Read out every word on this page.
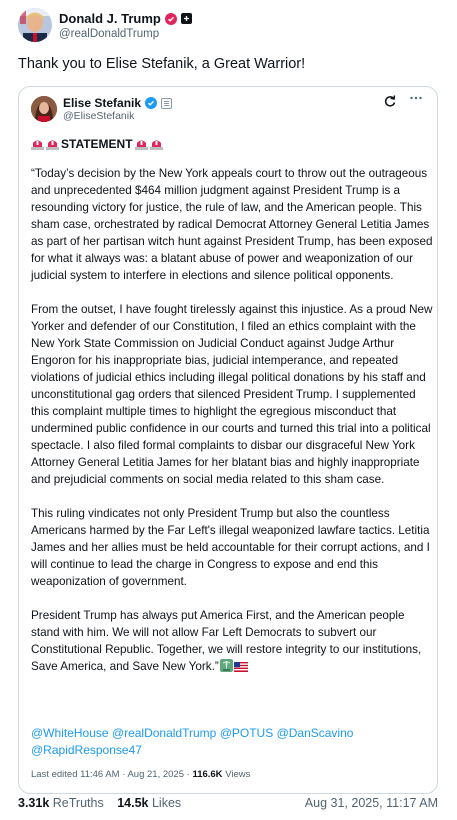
Donald J. Trump
@realDonaldTrump
Thank you to Elise Stefanik, a Great Warrior!
Elise Stefanik
@EliseStefanik
STATEMENT

“Today’s decision by the New York appeals court to throw out the outrageous and unprecedented $464 million judgment against President Trump is a resounding victory for justice, the rule of law, and the American people. This sham case, orchestrated by radical Democrat Attorney General Letitia James as part of her partisan witch hunt against President Trump, has been exposed for what it always was: a blatant abuse of power and weaponization of our judicial system to interfere in elections and silence political opponents.

From the outset, I have fought tirelessly against this injustice. As a proud New Yorker and defender of our Constitution, I filed an ethics complaint with the New York State Commission on Judicial Conduct against Judge Arthur Engoron for his inappropriate bias, judicial intemperance, and repeated violations of judicial ethics including illegal political donations by his staff and unconstitutional gag orders that silenced President Trump. I supplemented this complaint multiple times to highlight the egregious misconduct that undermined public confidence in our courts and turned this trial into a political spectacle. I also filed formal complaints to disbar our disgraceful New York Attorney General Letitia James for her blatant bias and highly inappropriate and prejudicial comments on social media related to this sham case.

This ruling vindicates not only President Trump but also the countless Americans harmed by the Far Left's illegal weaponized lawfare tactics. Letitia James and her allies must be held accountable for their corrupt actions, and I will continue to lead the charge in Congress to expose and end this weaponization of government.

President Trump has always put America First, and the American people stand with him. We will not allow Far Left Democrats to subvert our Constitutional Republic. Together, we will restore integrity to our institutions, Save America, and Save New York.”

@WhiteHouse @realDonaldTrump @POTUS @DanScavino
@RapidResponse47
Last edited 11:46 AM · Aug 21, 2025 · 116.6K Views
3.31k ReTruths 14.5k Likes	Aug 31, 2025, 11:17 AM
